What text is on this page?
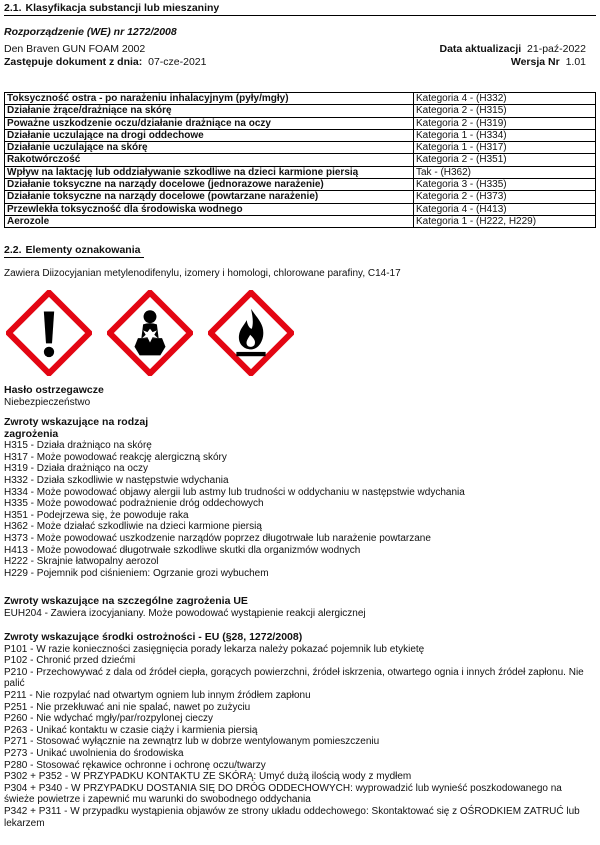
2.1. Klasyfikacja substancji lub mieszaniny
Rozporządzenie (WE) nr 1272/2008
Den Braven GUN FOAM 2002
Zastępuje dokument z dnia: 07-cze-2021
Data aktualizacji 21-paź-2022
Wersja Nr 1.01
Toksyczność ostra - po narażeniu inhalacyjnym (pyły/mgły)	Kategoria 4 - (H332)
Działanie żrące/drażniące na skórę	Kategoria 2 - (H315)
Poważne uszkodzenie oczu/działanie drażniące na oczy	Kategoria 2 - (H319)
Działanie uczulające na drogi oddechowe	Kategoria 1 - (H334)
Działanie uczulające na skórę	Kategoria 1 - (H317)
Rakotwórczość	Kategoria 2 - (H351)
Wpływ na laktację lub oddziaływanie szkodliwe na dzieci karmione piersią	Tak - (H362)
Działanie toksyczne na narządy docelowe (jednorazowe narażenie)	Kategoria 3 - (H335)
Działanie toksyczne na narządy docelowe (powtarzane narażenie)	Kategoria 2 - (H373)
Przewlekła toksyczność dla środowiska wodnego	Kategoria 4 - (H413)
Aerozole	Kategoria 1 - (H222, H229)
2.2. Elementy oznakowania
Zawiera Diizocyjanian metylenodifenylu, izomery i homologi, chlorowane parafiny, C14-17
Hasło ostrzegawcze
Niebezpieczeństwo
Zwroty wskazujące na rodzaj
zagrożenia
H315 - Działa drażniąco na skórę
H317 - Może powodować reakcję alergiczną skóry
H319 - Działa drażniąco na oczy
H332 - Działa szkodliwie w następstwie wdychania
H334 - Może powodować objawy alergii lub astmy lub trudności w oddychaniu w następstwie wdychania
H335 - Może powodować podrażnienie dróg oddechowych
H351 - Podejrzewa się, że powoduje raka
H362 - Może działać szkodliwie na dzieci karmione piersią
H373 - Może powodować uszkodzenie narządów poprzez długotrwałe lub narażenie powtarzane
H413 - Może powodować długotrwałe szkodliwe skutki dla organizmów wodnych
H222 - Skrajnie łatwopalny aerozol
H229 - Pojemnik pod ciśnieniem: Ogrzanie grozi wybuchem
Zwroty wskazujące na szczególne zagrożenia UE
EUH204 - Zawiera izocyjaniany. Może powodować wystąpienie reakcji alergicznej
Zwroty wskazujące środki ostrożności - EU (§28, 1272/2008)
P101 - W razie konieczności zasięgnięcia porady lekarza należy pokazać pojemnik lub etykietę
P102 - Chronić przed dziećmi
P210 - Przechowywać z dala od źródeł ciepła, gorących powierzchni, źródeł iskrzenia, otwartego ognia i innych źródeł zapłonu. Nie palić
P211 - Nie rozpylać nad otwartym ogniem lub innym źródłem zapłonu
P251 - Nie przekłuwać ani nie spalać, nawet po zużyciu
P260 - Nie wdychać mgły/par/rozpylonej cieczy
P263 - Unikać kontaktu w czasie ciąży i karmienia piersią
P271 - Stosować wyłącznie na zewnątrz lub w dobrze wentylowanym pomieszczeniu
P273 - Unikać uwolnienia do środowiska
P280 - Stosować rękawice ochronne i ochronę oczu/twarzy
P302 + P352 - W PRZYPADKU KONTAKTU ZE SKÓRĄ: Umyć dużą ilością wody z mydłem
P304 + P340 - W PRZYPADKU DOSTANIA SIĘ DO DRÓG ODDECHOWYCH: wyprowadzić lub wynieść poszkodowanego na świeże powietrze i zapewnić mu warunki do swobodnego oddychania
P342 + P311 - W przypadku wystąpienia objawów ze strony układu oddechowego: Skontaktować się z OŚRODKIEM ZATRUĆ lub lekarzem
